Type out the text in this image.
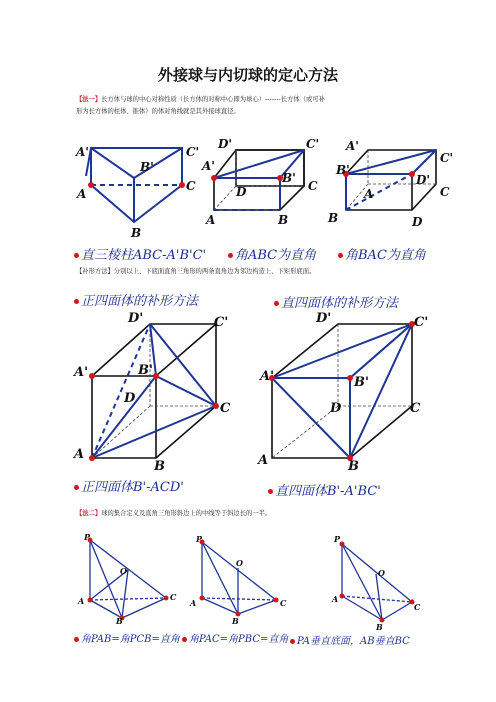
外接球与内切球的定心方法
【法一】长方体与球的中心对称性质（长方体的对称中心即为球心）-------长方体（或可补
形为长方体的柱体、锥体）的体对角线就是其外接球直径。
A'	C'
B'
A
C
B
D'	C'
A'
B'
D	C
A	B
A'
C'
B'
D'
A	C
B	D
直三棱柱ABC-A'B'C'	角ABC为直角	角BAC为直角
【补形方法】分别以上、下底面直角三角形的两条直角边为邻边构造上、下矩形底面。
正四面体的补形方法	直四面体的补形方法
D'	C'
A'	B'
D
C
A
B
D'	C'
A'	B'
D	C
A	B
正四面体B'-ACD'	直四面体B'-A'BC'
【法二】球的集合定义及直角三角形斜边上的中线等于斜边长的一半。
P
O
A	C
B
P
O
A	C
B
P
O
A
C
B
角PAB=角PCB=直角 角PAC=角PBC=直角 PA垂直底面，AB垂直BC
